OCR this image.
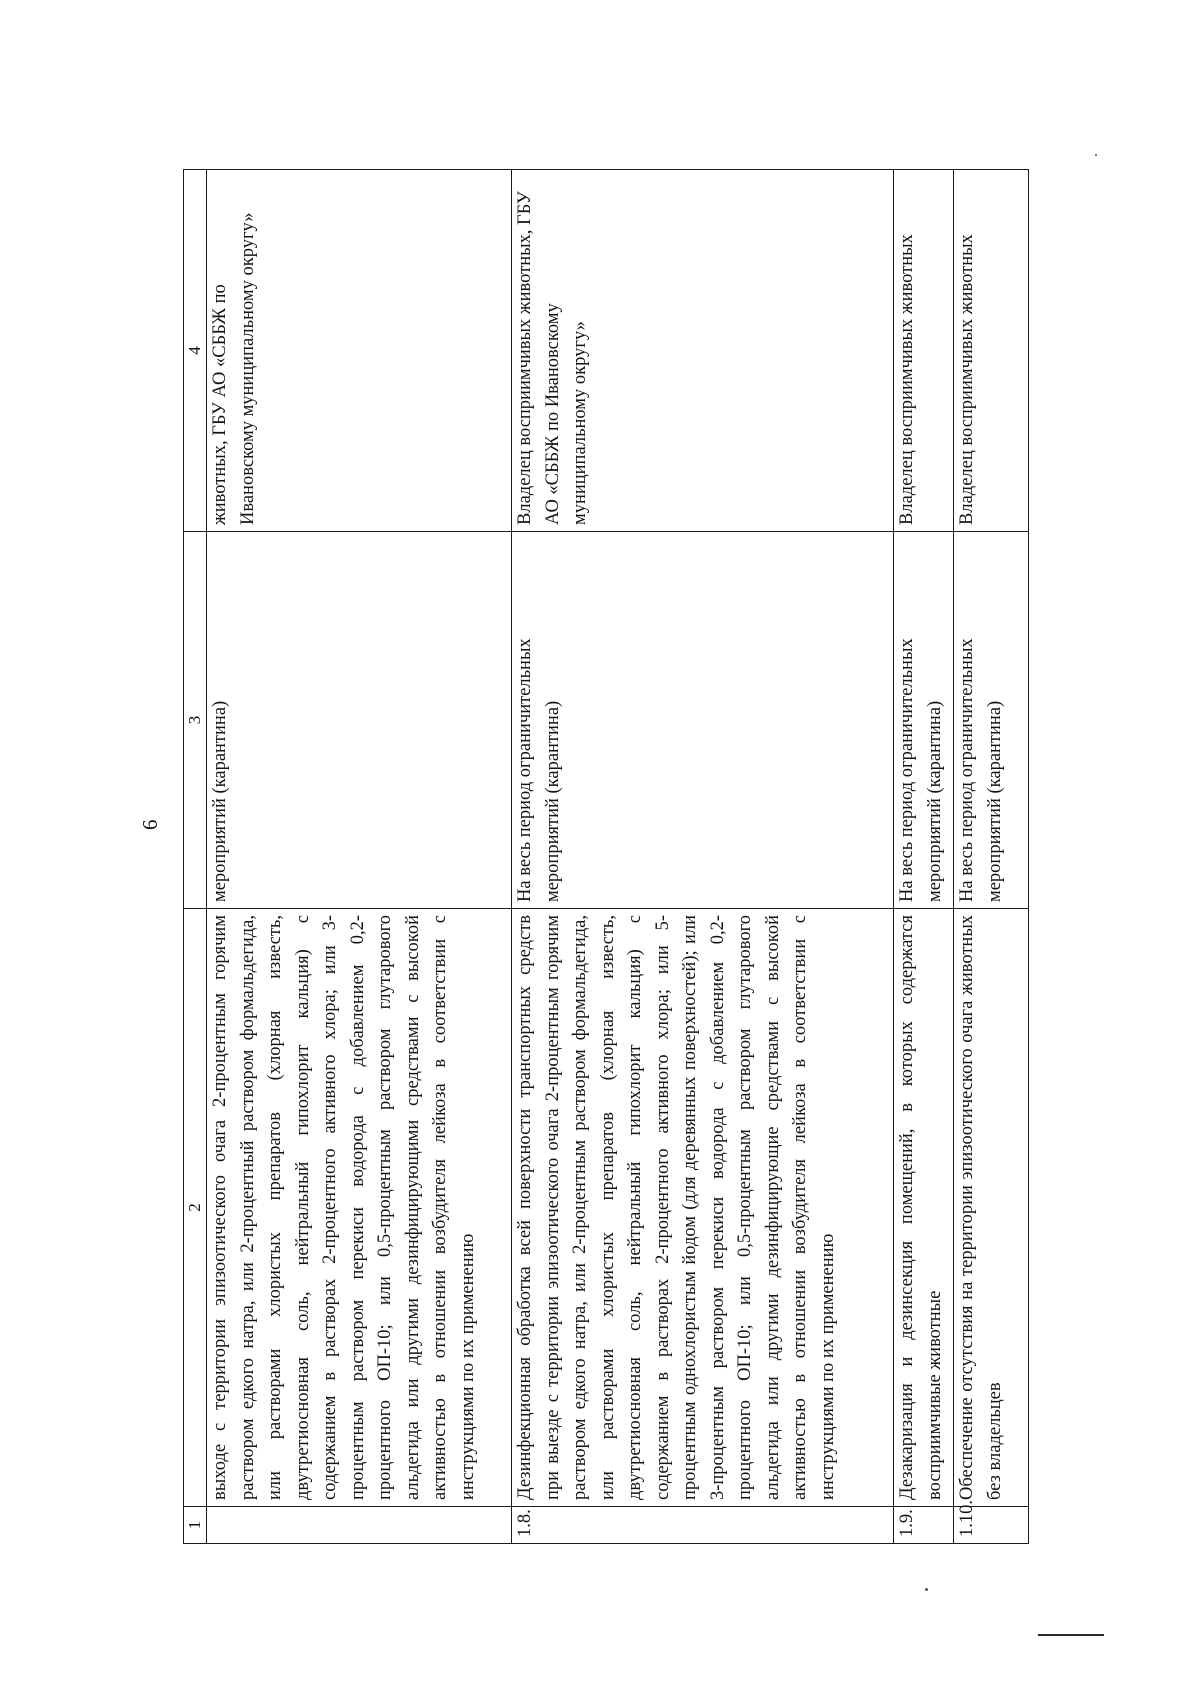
6
1	2	3	4
	выходе с территории эпизоотического очага 2-процентным горячим раствором едкого натра, или 2-процентный раствором формальдегида, или растворами хлористых препаратов (хлорная известь, двутретиосновная соль, нейтральный гипохлорит кальция) с содержанием в растворах 2-процентного активного хлора; или 3-процентным раствором перекиси водорода с добавлением 0,2-процентного ОП-10; или 0,5-процентным раствором глутарового альдегида или другими дезинфицирующими средствами с высокой активностью в отношении возбудителя лейкоза в соответствии с инструкциями по их применению	мероприятий (карантина)	животных, ГБУ АО «СББЖ по Ивановскому муниципальному округу»
1.8.	Дезинфекционная обработка всей поверхности транспортных средств при выезде с территории эпизоотического очага 2-процентным горячим раствором едкого натра, или 2-процентным раствором формальдегида, или растворами хлористых препаратов (хлорная известь, двутретиосновная соль, нейтральный гипохлорит кальция) с содержанием в растворах 2-процентного активного хлора; или 5-процентным однохлористым йодом (для деревянных поверхностей); или 3-процентным раствором перекиси водорода с добавлением 0,2-процентного ОП-10; или 0,5-процентным раствором глутарового альдегида или другими дезинфицирующие средствами с высокой активностью в отношении возбудителя лейкоза в соответствии с инструкциями по их применению	На весь период ограничительных мероприятий (карантина)	Владелец восприимчивых животных, ГБУ АО «СББЖ по Ивановскому муниципальному округу»
1.9.	Дезакаризация и дезинсекция помещений, в которых содержатся восприимчивые животные	На весь период ограничительных мероприятий (карантина)	Владелец восприимчивых животных
1.10.	Обеспечение отсутствия на территории эпизоотического очага животных без владельцев	На весь период ограничительных мероприятий (карантина)	Владелец восприимчивых животных
